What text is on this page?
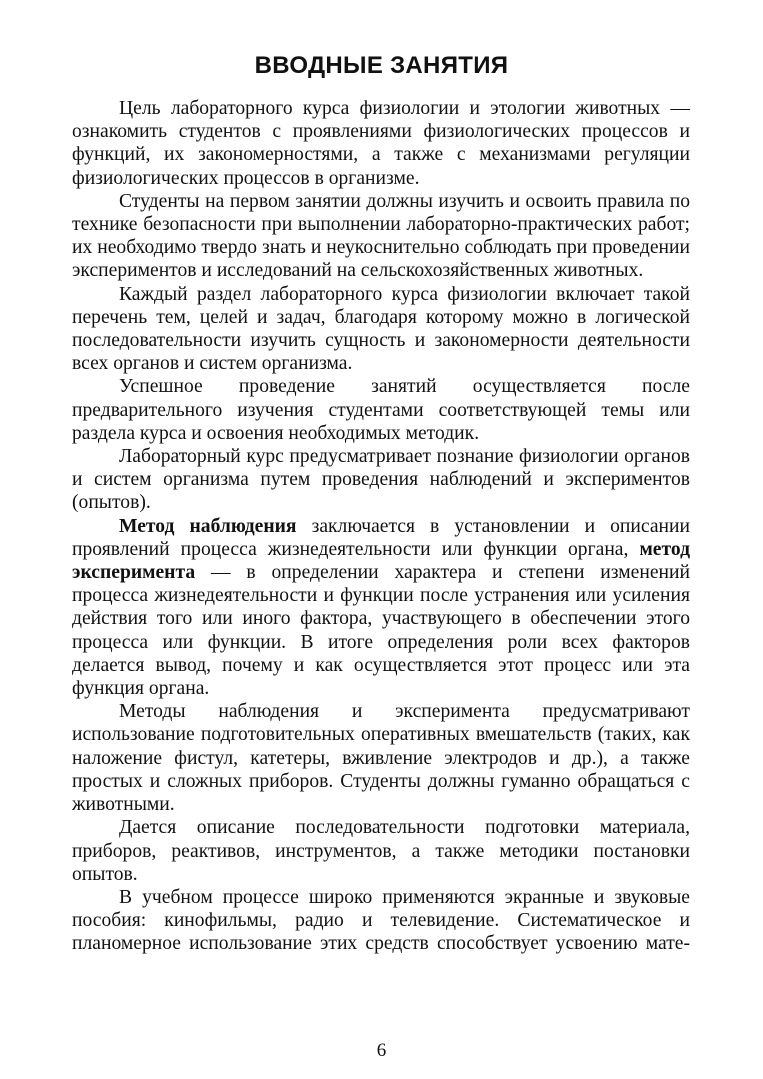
ВВОДНЫЕ ЗАНЯТИЯ

Цель лабораторного курса физиологии и этологии животных — ознакомить студентов с проявлениями физиологических процессов и функций, их закономерностями, а также с механизмами регуляции физиологических процессов в организме.

Студенты на первом занятии должны изучить и освоить правила по технике безопасности при выполнении лабораторно-практических работ; их необходимо твердо знать и неукоснительно соблюдать при проведении экспериментов и исследований на сельскохозяйственных животных.

Каждый раздел лабораторного курса физиологии включает такой перечень тем, целей и задач, благодаря которому можно в логической последовательности изучить сущность и закономерности деятельности всех органов и систем организма.

Успешное проведение занятий осуществляется после предварительного изучения студентами соответствующей темы или раздела курса и освоения необходимых методик.

Лабораторный курс предусматривает познание физиологии органов и систем организма путем проведения наблюдений и экспериментов (опытов).

Метод наблюдения заключается в установлении и описании проявлений процесса жизнедеятельности или функции органа, метод эксперимента — в определении характера и степени изменений процесса жизнедеятельности и функции после устранения или усиления действия того или иного фактора, участвующего в обеспечении этого процесса или функции. В итоге определения роли всех факторов делается вывод, почему и как осуществляется этот процесс или эта функция органа.

Методы наблюдения и эксперимента предусматривают использование подготовительных оперативных вмешательств (таких, как наложение фистул, катетеры, вживление электродов и др.), а также простых и сложных приборов. Студенты должны гуманно обращаться с животными.

Дается описание последовательности подготовки материала, приборов, реактивов, инструментов, а также методики постановки опытов.

В учебном процессе широко применяются экранные и звуковые пособия: кинофильмы, радио и телевидение. Систематическое и планомерное использование этих средств способствует усвоению мате-

6
